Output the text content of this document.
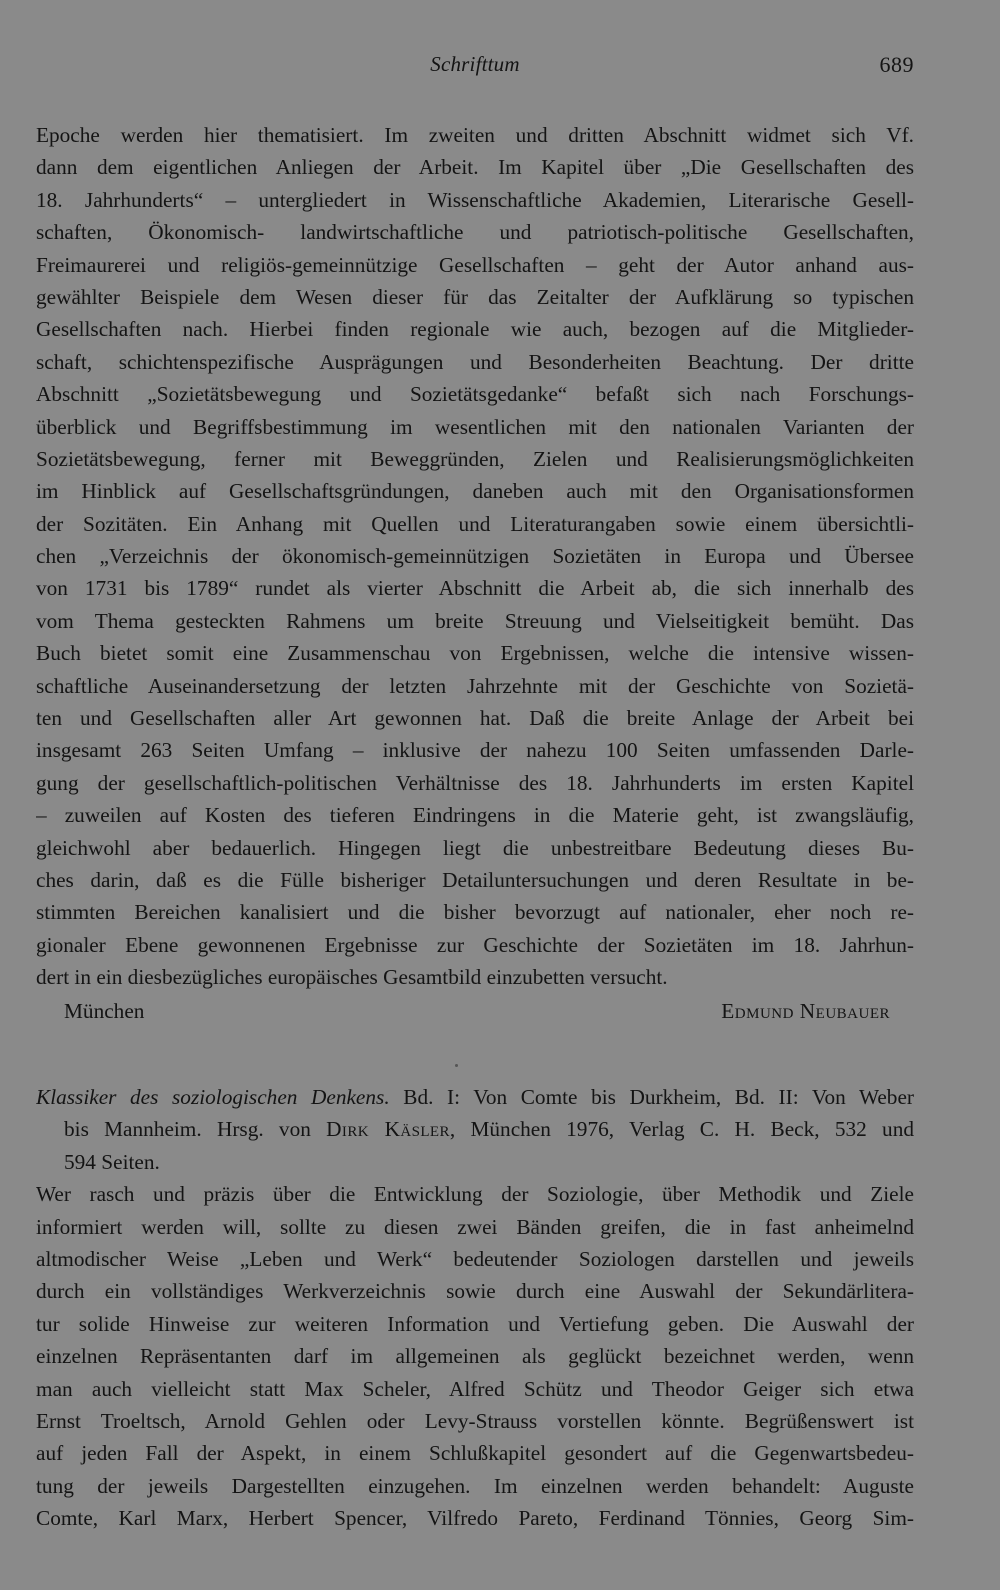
Schrifttum	689
Epoche werden hier thematisiert. Im zweiten und dritten Abschnitt widmet sich Vf.
dann dem eigentlichen Anliegen der Arbeit. Im Kapitel über „Die Gesellschaften des
18. Jahrhunderts“ – untergliedert in Wissenschaftliche Akademien, Literarische Gesell-
schaften, Ökonomisch- landwirtschaftliche und patriotisch-politische Gesellschaften,
Freimaurerei und religiös-gemeinnützige Gesellschaften – geht der Autor anhand aus-
gewählter Beispiele dem Wesen dieser für das Zeitalter der Aufklärung so typischen
Gesellschaften nach. Hierbei finden regionale wie auch, bezogen auf die Mitglieder-
schaft, schichtenspezifische Ausprägungen und Besonderheiten Beachtung. Der dritte
Abschnitt „Sozietätsbewegung und Sozietätsgedanke“ befaßt sich nach Forschungs-
überblick und Begriffsbestimmung im wesentlichen mit den nationalen Varianten der
Sozietätsbewegung, ferner mit Beweggründen, Zielen und Realisierungsmöglichkeiten
im Hinblick auf Gesellschaftsgründungen, daneben auch mit den Organisationsformen
der Sozitäten. Ein Anhang mit Quellen und Literaturangaben sowie einem übersichtli-
chen „Verzeichnis der ökonomisch-gemeinnützigen Sozietäten in Europa und Übersee
von 1731 bis 1789“ rundet als vierter Abschnitt die Arbeit ab, die sich innerhalb des
vom Thema gesteckten Rahmens um breite Streuung und Vielseitigkeit bemüht. Das
Buch bietet somit eine Zusammenschau von Ergebnissen, welche die intensive wissen-
schaftliche Auseinandersetzung der letzten Jahrzehnte mit der Geschichte von Sozietä-
ten und Gesellschaften aller Art gewonnen hat. Daß die breite Anlage der Arbeit bei
insgesamt 263 Seiten Umfang – inklusive der nahezu 100 Seiten umfassenden Darle-
gung der gesellschaftlich-politischen Verhältnisse des 18. Jahrhunderts im ersten Kapitel
– zuweilen auf Kosten des tieferen Eindringens in die Materie geht, ist zwangsläufig,
gleichwohl aber bedauerlich. Hingegen liegt die unbestreitbare Bedeutung dieses Bu-
ches darin, daß es die Fülle bisheriger Detailuntersuchungen und deren Resultate in be-
stimmten Bereichen kanalisiert und die bisher bevorzugt auf nationaler, eher noch re-
gionaler Ebene gewonnenen Ergebnisse zur Geschichte der Sozietäten im 18. Jahrhun-
dert in ein diesbezügliches europäisches Gesamtbild einzubetten versucht.
München	Edmund Neubauer
Klassiker des soziologischen Denkens. Bd. I: Von Comte bis Durkheim, Bd. II: Von Weber
bis Mannheim. Hrsg. von Dirk Käsler, München 1976, Verlag C. H. Beck, 532 und
594 Seiten.
Wer rasch und präzis über die Entwicklung der Soziologie, über Methodik und Ziele
informiert werden will, sollte zu diesen zwei Bänden greifen, die in fast anheimelnd
altmodischer Weise „Leben und Werk“ bedeutender Soziologen darstellen und jeweils
durch ein vollständiges Werkverzeichnis sowie durch eine Auswahl der Sekundärlitera-
tur solide Hinweise zur weiteren Information und Vertiefung geben. Die Auswahl der
einzelnen Repräsentanten darf im allgemeinen als geglückt bezeichnet werden, wenn
man auch vielleicht statt Max Scheler, Alfred Schütz und Theodor Geiger sich etwa
Ernst Troeltsch, Arnold Gehlen oder Levy-Strauss vorstellen könnte. Begrüßenswert ist
auf jeden Fall der Aspekt, in einem Schlußkapitel gesondert auf die Gegenwartsbedeu-
tung der jeweils Dargestellten einzugehen. Im einzelnen werden behandelt: Auguste
Comte, Karl Marx, Herbert Spencer, Vilfredo Pareto, Ferdinand Tönnies, Georg Sim-
